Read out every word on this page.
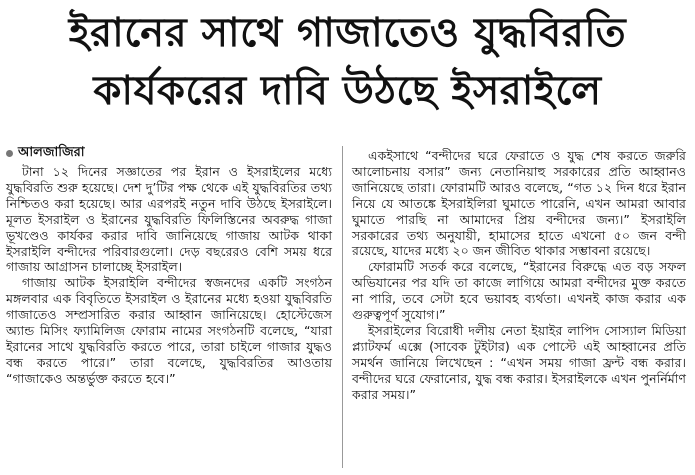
ইরানের সাথে গাজাতেও যুদ্ধবিরতি
কার্যকরের দাবি উঠছে ইসরাইলে
আলজাজিরা

টানা ১২ দিনের সজ্ঞাতের পর ইরান ও ইসরাইলের মধ্যে যুদ্ধবিরতি শুরু হয়েছে। দেশ দু’টির পক্ষ থেকে এই যুদ্ধবিরতির তথ্য নিশ্চিতও করা হয়েছে। আর এরপরই নতুন দাবি উঠছে ইসরাইলে। মূলত ইসরাইল ও ইরানের যুদ্ধবিরতি ফিলিস্তিনের অবরুদ্ধ গাজা ভূখণ্ডেও কার্যকর করার দাবি জানিয়েছে গাজায় আটক থাকা ইসরাইলি বন্দীদের পরিবারগুলো। দেড় বছরেরও বেশি সময় ধরে গাজায় আগ্রাসন চালাচ্ছে ইসরাইল।

গাজায় আটক ইসরাইলি বন্দীদের স্বজনদের একটি সংগঠন মঙ্গলবার এক বিবৃতিতে ইসরাইল ও ইরানের মধ্যে হওয়া যুদ্ধবিরতি গাজাতেও সম্প্রসারিত করার আহ্বান জানিয়েছে। হোস্টেজেস অ্যান্ড মিসিং ফ্যামিলিজ ফোরাম নামের সংগঠনটি বলেছে, “যারা ইরানের সাথে যুদ্ধবিরতি করতে পারে, তারা চাইলে গাজার যুদ্ধও বন্ধ করতে পারে।” তারা বলেছে, যুদ্ধবিরতির আওতায় “গাজাকেও অন্তর্ভুক্ত করতে হবে।”

একইসাথে “বন্দীদের ঘরে ফেরাতে ও যুদ্ধ শেষ করতে জরুরি আলোচনায় বসার” জন্য নেতানিয়াহু সরকারের প্রতি আহ্বানও জানিয়েছে তারা। ফোরামটি আরও বলেছে, “গত ১২ দিন ধরে ইরান নিয়ে যে আতঙ্কে ইসরাইলিরা ঘুমাতে পারেনি, এখন আমরা আবার ঘুমাতে পারছি না আমাদের প্রিয় বন্দীদের জন্য।” ইসরাইলি সরকারের তথ্য অনুযায়ী, হামাসের হাতে এখনো ৫০ জন বন্দী রয়েছে, যাদের মধ্যে ২০ জন জীবিত থাকার সম্ভাবনা রয়েছে।

ফোরামটি সতর্ক করে বলেছে, “ইরানের বিরুদ্ধে এত বড় সফল অভিযানের পর যদি তা কাজে লাগিয়ে আমরা বন্দীদের মুক্ত করতে না পারি, তবে সেটা হবে ভয়াবহ ব্যর্থতা। এখনই কাজ করার এক গুরুত্বপূর্ণ সুযোগ।”

ইসরাইলের বিরোধী দলীয় নেতা ইয়াইর লাপিদ সোস্যাল মিডিয়া প্ল্যাটফর্ম এক্সে (সাবেক টুইটার) এক পোস্টে এই আহ্বানের প্রতি সমর্থন জানিয়ে লিখেছেন : “এখন সময় গাজা ফ্রন্ট বন্ধ করার। বন্দীদের ঘরে ফেরানোর, যুদ্ধ বন্ধ করার। ইসরাইলকে এখন পুনর্নির্মাণ করার সময়।”
